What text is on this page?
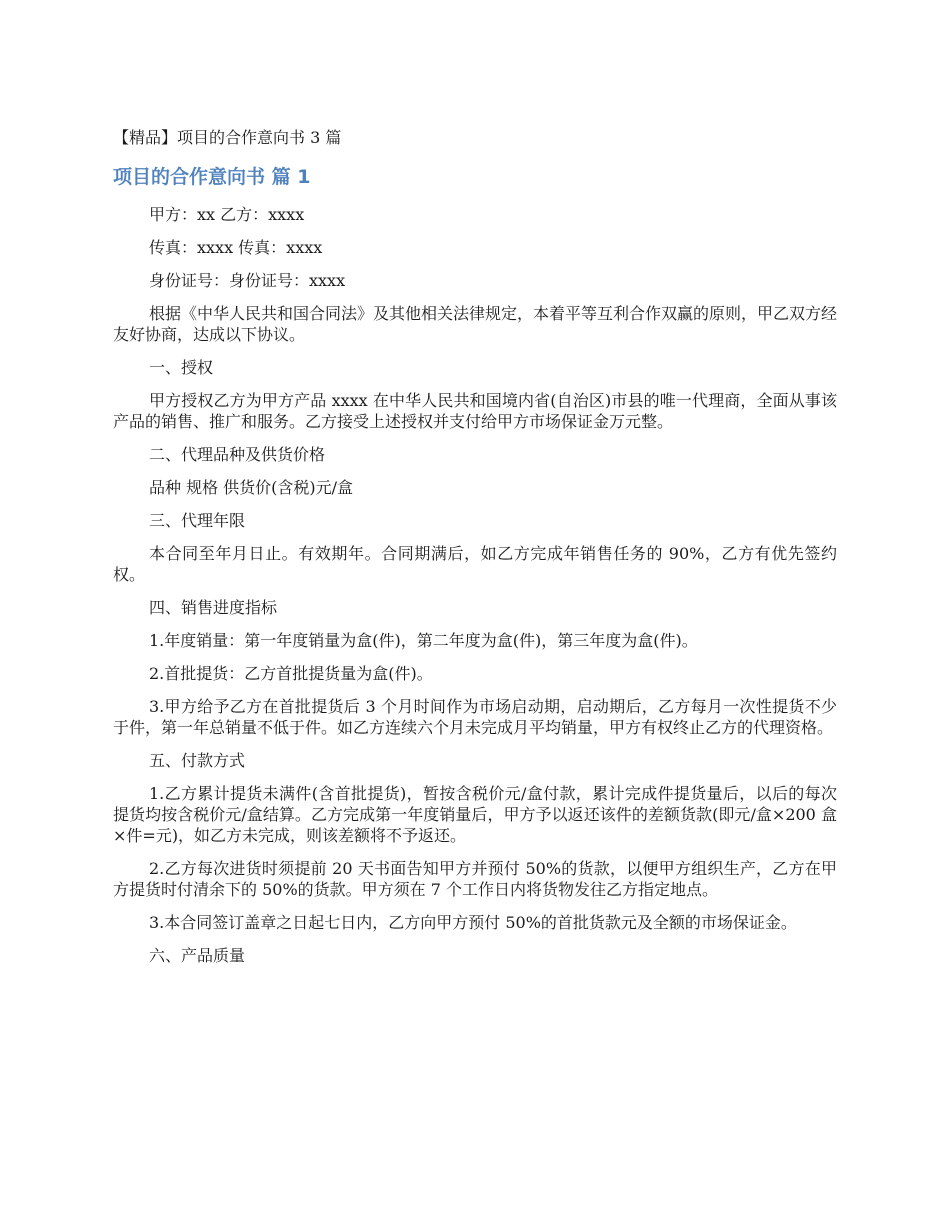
【精品】项目的合作意向书 3 篇
项目的合作意向书 篇 1

甲方：xx 乙方：xxxx

传真：xxxx 传真：xxxx

身份证号：身份证号：xxxx

根据《中华人民共和国合同法》及其他相关法律规定，本着平等互利合作双赢的原则，甲乙双方经友好协商，达成以下协议。

一、授权

甲方授权乙方为甲方产品 xxxx 在中华人民共和国境内省(自治区)市县的唯一代理商，全面从事该产品的销售、推广和服务。乙方接受上述授权并支付给甲方市场保证金万元整。

二、代理品种及供货价格

品种 规格 供货价(含税)元/盒

三、代理年限

本合同至年月日止。有效期年。合同期满后，如乙方完成年销售任务的 90%，乙方有优先签约权。

四、销售进度指标

1.年度销量：第一年度销量为盒(件)，第二年度为盒(件)，第三年度为盒(件)。

2.首批提货：乙方首批提货量为盒(件)。

3.甲方给予乙方在首批提货后 3 个月时间作为市场启动期，启动期后，乙方每月一次性提货不少于件，第一年总销量不低于件。如乙方连续六个月未完成月平均销量，甲方有权终止乙方的代理资格。

五、付款方式

1.乙方累计提货未满件(含首批提货)，暂按含税价元/盒付款，累计完成件提货量后，以后的每次提货均按含税价元/盒结算。乙方完成第一年度销量后，甲方予以返还该件的差额货款(即元/盒×200 盒×件=元)，如乙方未完成，则该差额将不予返还。

2.乙方每次进货时须提前 20 天书面告知甲方并预付 50%的货款，以便甲方组织生产，乙方在甲方提货时付清余下的 50%的货款。甲方须在 7 个工作日内将货物发往乙方指定地点。

3.本合同签订盖章之日起七日内，乙方向甲方预付 50%的首批货款元及全额的市场保证金。

六、产品质量
